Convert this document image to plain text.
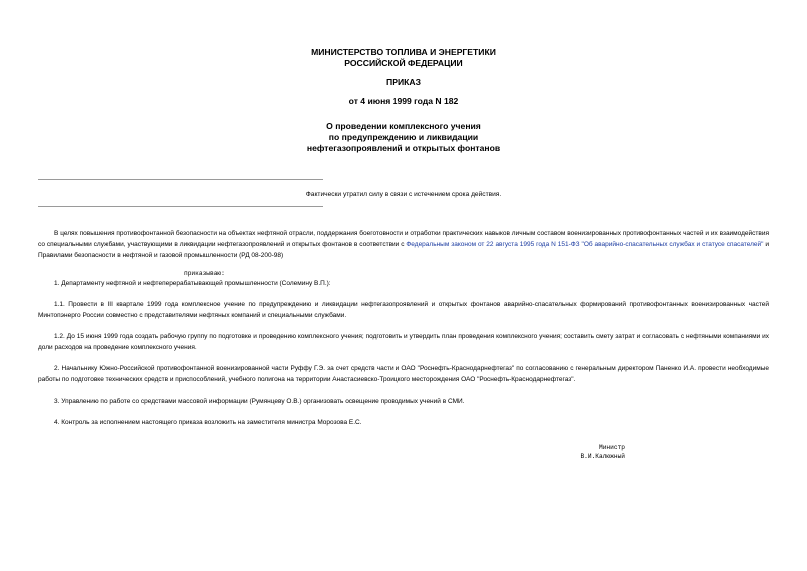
МИНИСТЕРСТВО ТОПЛИВА И ЭНЕРГЕТИКИ
РОССИЙСКОЙ ФЕДЕРАЦИИ
ПРИКАЗ
от 4 июня 1999 года N 182
О проведении комплексного учения
по предупреждению и ликвидации
нефтегазопроявлений и открытых фонтанов
Фактически утратил силу в связи с истечением срока действия.

В целях повышения противофонтанной безопасности на объектах нефтяной отрасли, поддержания боеготовности и отработки практических навыков личным составом военизированных противофонтанных частей и их взаимодействия со специальными службами, участвующими в ликвидации нефтегазопроявлений и открытых фонтанов в соответствии с Федеральным законом от 22 августа 1995 года N 151-ФЗ "Об аварийно-спасательных службах и статусе спасателей" и Правилами безопасности в нефтяной и газовой промышленности (РД 08-200-98)

приказываю:

1. Департаменту нефтяной и нефтеперерабатывающей промышленности (Солемину В.П.):

1.1. Провести в III квартале 1999 года комплексное учение по предупреждению и ликвидации нефтегазопроявлений и открытых фонтанов аварийно-спасательных формирований противофонтанных военизированных частей Минтопэнерго России совместно с представителями нефтяных компаний и специальными службами.

1.2. До 15 июня 1999 года создать рабочую группу по подготовке и проведению комплексного учения; подготовить и утвердить план проведения комплексного учения; составить смету затрат и согласовать с нефтяными компаниями их доли расходов на проведение комплексного учения.

2. Начальнику Южно-Российской противофонтанной военизированной части Руффу Г.Э. за счет средств части и ОАО "Роснефть-Краснодарнефтегаз" по согласованию с генеральным директором Паненко И.А. провести необходимые работы по подготовке технических средств и приспособлений, учебного полигона на территории Анастасиевско-Троицкого месторождения ОАО "Роснефть-Краснодарнефтегаз".

3. Управлению по работе со средствами массовой информации (Румянцеву О.В.) организовать освещение проводимых учений в СМИ.

4. Контроль за исполнением настоящего приказа возложить на заместителя министра Морозова Е.С.

Министр
В.И.Калюжный
